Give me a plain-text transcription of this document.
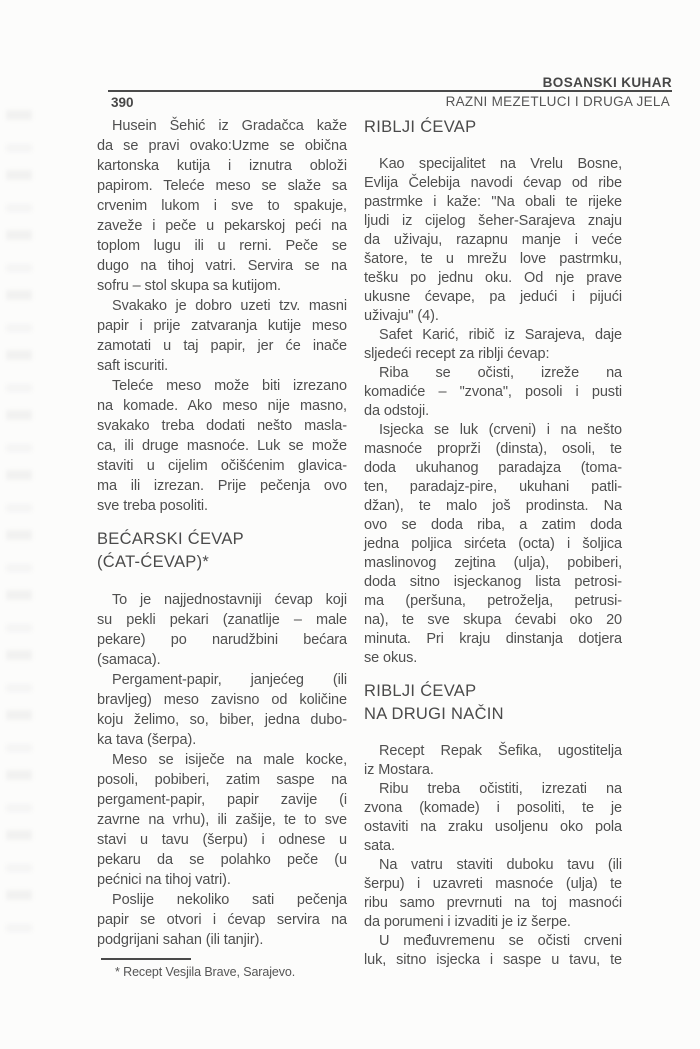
BOSANSKI KUHAR
390	RAZNI MEZETLUCI I DRUGA JELA
Husein Šehić iz Gradačca kaže
da se pravi ovako:Uzme se obična
kartonska kutija i iznutra obloži
papirom. Teleće meso se slaže sa
crvenim lukom i sve to spakuje,
zaveže i peče u pekarskoj peći na
toplom lugu ili u rerni. Peče se
dugo na tihoj vatri. Servira se na
sofru – stol skupa sa kutijom.
Svakako je dobro uzeti tzv. masni
papir i prije zatvaranja kutije meso
zamotati u taj papir, jer će inače
saft iscuriti.
Teleće meso može biti izrezano
na komade. Ako meso nije masno,
svakako treba dodati nešto masla-
ca, ili druge masnoće. Luk se može
staviti u cijelim očišćenim glavica-
ma ili izrezan. Prije pečenja ovo
sve treba posoliti.
BEĆARSKI ĆEVAP
(ĆAT-ĆEVAP)*
To je najjednostavniji ćevap koji
su pekli pekari (zanatlije – male
pekare) po narudžbini bećara
(samaca).
Pergament-papir, janjećeg (ili
bravljeg) meso zavisno od količine
koju želimo, so, biber, jedna dubo-
ka tava (šerpa).
Meso se isiječe na male kocke,
posoli, pobiberi, zatim saspe na
pergament-papir, papir zavije (i
zavrne na vrhu), ili zašije, te to sve
stavi u tavu (šerpu) i odnese u
pekaru da se polahko peče (u
pećnici na tihoj vatri).
Poslije nekoliko sati pečenja
papir se otvori i ćevap servira na
podgrijani sahan (ili tanjir).
* Recept Vesjila Brave, Sarajevo.
RIBLJI ĆEVAP
Kao specijalitet na Vrelu Bosne,
Evlija Čelebija navodi ćevap od ribe
pastrmke i kaže: "Na obali te rijeke
ljudi iz cijelog šeher-Sarajeva znaju
da uživaju, razapnu manje i veće
šatore, te u mrežu love pastrmku,
tešku po jednu oku. Od nje prave
ukusne ćevape, pa jedući i pijući
uživaju" (4).
Safet Karić, ribič iz Sarajeva, daje
sljedeći recept za riblji ćevap:
Riba se očisti, izreže na
komadiće – "zvona", posoli i pusti
da odstoji.
Isjecka se luk (crveni) i na nešto
masnoće proprži (dinsta), osoli, te
doda ukuhanog paradajza (toma-
ten, paradajz-pire, ukuhani patli-
džan), te malo još prodinsta. Na
ovo se doda riba, a zatim doda
jedna poljica sirćeta (octa) i šoljica
maslinovog zejtina (ulja), pobiberi,
doda sitno isjeckanog lista petrosi-
ma (peršuna, petroželja, petrusi-
na), te sve skupa ćevabi oko 20
minuta. Pri kraju dinstanja dotjera
se okus.
RIBLJI ĆEVAP
NA DRUGI NAČIN
Recept Repak Šefika, ugostitelja
iz Mostara.
Ribu treba očistiti, izrezati na
zvona (komade) i posoliti, te je
ostaviti na zraku usoljenu oko pola
sata.
Na vatru staviti duboku tavu (ili
šerpu) i uzavreti masnoće (ulja) te
ribu samo prevrnuti na toj masnoći
da porumeni i izvaditi je iz šerpe.
U međuvremenu se očisti crveni
luk, sitno isjecka i saspe u tavu, te
